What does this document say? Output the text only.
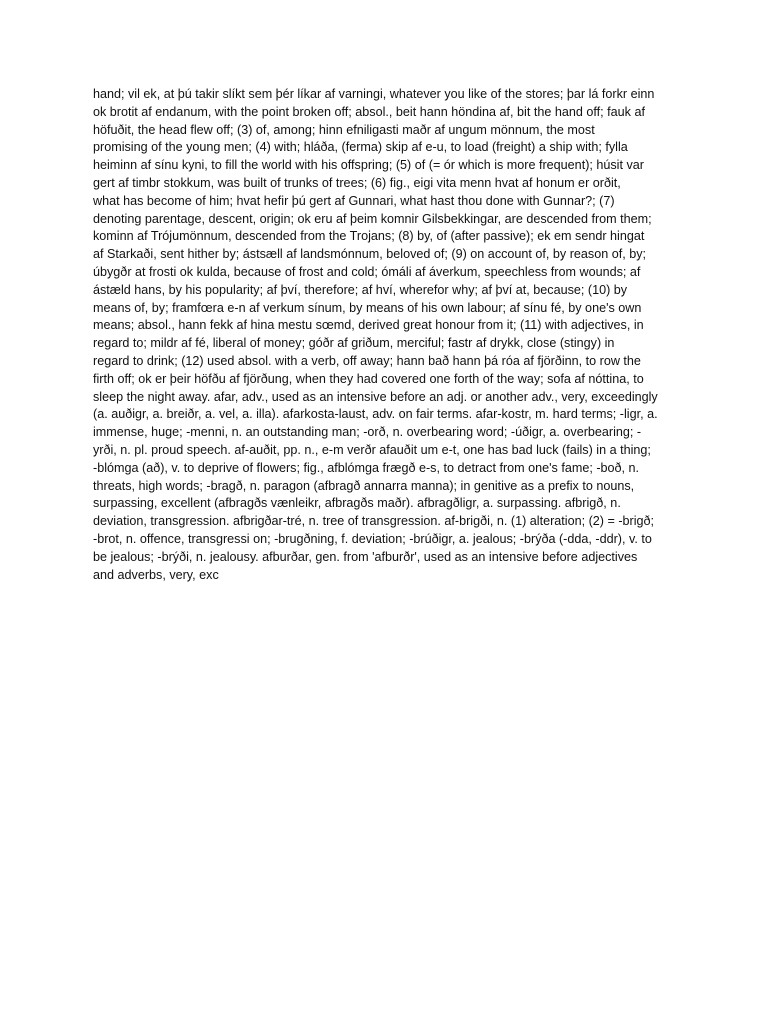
hand; vil ek, at þú takir slíkt sem þér líkar af varningi, whatever you like of the stores; þar lá forkr einn
ok brotit af endanum, with the point broken off; absol., beit hann höndina af, bit the hand off; fauk af
höfuðit, the head flew off; (3) of, among; hinn efniligasti maðr af ungum mönnum, the most
promising of the young men; (4) with; hláða, (ferma) skip af e-u, to load (freight) a ship with; fylla
heiminn af sínu kyni, to fill the world with his offspring; (5) of (= ór which is more frequent); húsit var
gert af timbr stokkum, was built of trunks of trees; (6) fig., eigi vita menn hvat af honum er orðit,
what has become of him; hvat hefir þú gert af Gunnari, what hast thou done with Gunnar?; (7)
denoting parentage, descent, origin; ok eru af þeim komnir Gilsbekkingar, are descended from them;
kominn af Trójumönnum, descended from the Trojans; (8) by, of (after passive); ek em sendr hingat
af Starkaði, sent hither by; ástsæll af landsmónnum, beloved of; (9) on account of, by reason of, by;
úbygðr at frosti ok kulda, because of frost and cold; ómáli af áverkum, speechless from wounds; af
ástæld hans, by his popularity; af því, therefore; af hví, wherefor why; af því at, because; (10) by
means of, by; framfœra e-n af verkum sínum, by means of his own labour; af sínu fé, by one's own
means; absol., hann fekk af hina mestu sœmd, derived great honour from it; (11) with adjectives, in
regard to; mildr af fé, liberal of money; góðr af griðum, merciful; fastr af drykk, close (stingy) in
regard to drink; (12) used absol. with a verb, off away; hann bað hann þá róa af fjörðinn, to row the
firth off; ok er þeir höfðu af fjörðung, when they had covered one forth of the way; sofa af nóttina, to
sleep the night away. afar, adv., used as an intensive before an adj. or another adv., very, exceedingly
(a. auðigr, a. breiðr, a. vel, a. illa). afarkosta-laust, adv. on fair terms. afar-kostr, m. hard terms; -ligr, a.
immense, huge; -menni, n. an outstanding man; -orð, n. overbearing word; -úðigr, a. overbearing; -
yrði, n. pl. proud speech. af-auðit, pp. n., e-m verðr afauðit um e-t, one has bad luck (fails) in a thing;
-blómga (að), v. to deprive of flowers; fig., afblómga frægð e-s, to detract from one's fame; -boð, n.
threats, high words; -bragð, n. paragon (afbragð annarra manna); in genitive as a prefix to nouns,
surpassing, excellent (afbragðs vænleikr, afbragðs maðr). afbragðligr, a. surpassing. afbrigð, n.
deviation, transgression. afbrigðar-tré, n. tree of transgression. af-brigði, n. (1) alteration; (2) = -brigð;
-brot, n. offence, transgressi on; -brugðning, f. deviation; -brúðigr, a. jealous; -brýða (-dda, -ddr), v. to
be jealous; -brýði, n. jealousy. afburðar, gen. from 'afburðr', used as an intensive before adjectives
and adverbs, very, exc
